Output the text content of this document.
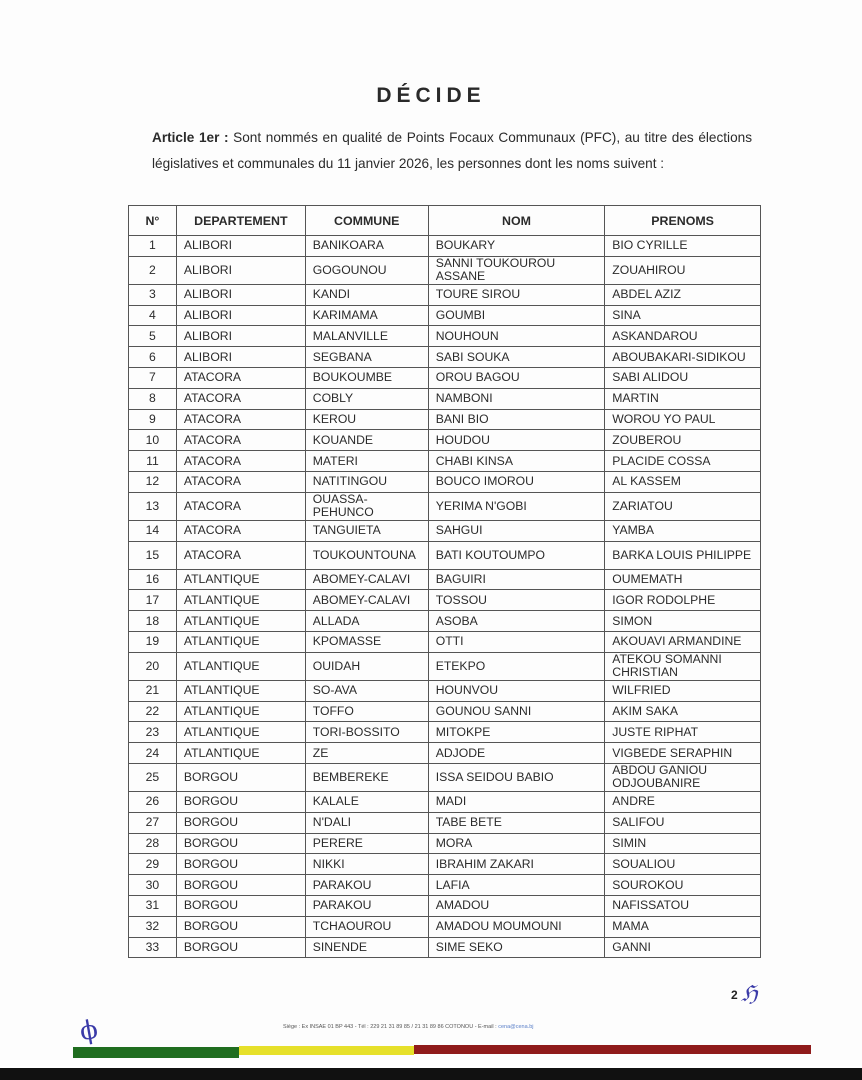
DÉCIDE
Article 1er : Sont nommés en qualité de Points Focaux Communaux (PFC), au titre des élections législatives et communales du 11 janvier 2026, les personnes dont les noms suivent :
N°	DEPARTEMENT	COMMUNE	NOM	PRENOMS
1	ALIBORI	BANIKOARA	BOUKARY	BIO CYRILLE
2	ALIBORI	GOGOUNOU	SANNI TOUKOUROU ASSANE	ZOUAHIROU
3	ALIBORI	KANDI	TOURE SIROU	ABDEL AZIZ
4	ALIBORI	KARIMAMA	GOUMBI	SINA
5	ALIBORI	MALANVILLE	NOUHOUN	ASKANDAROU
6	ALIBORI	SEGBANA	SABI SOUKA	ABOUBAKARI-SIDIKOU
7	ATACORA	BOUKOUMBE	OROU BAGOU	SABI ALIDOU
8	ATACORA	COBLY	NAMBONI	MARTIN
9	ATACORA	KEROU	BANI BIO	WOROU YO PAUL
10	ATACORA	KOUANDE	HOUDOU	ZOUBEROU
11	ATACORA	MATERI	CHABI KINSA	PLACIDE COSSA
12	ATACORA	NATITINGOU	BOUCO IMOROU	AL KASSEM
13	ATACORA	OUASSA-PEHUNCO	YERIMA N'GOBI	ZARIATOU
14	ATACORA	TANGUIETA	SAHGUI	YAMBA
15	ATACORA	TOUKOUNTOUNA	BATI KOUTOUMPO	BARKA LOUIS PHILIPPE
16	ATLANTIQUE	ABOMEY-CALAVI	BAGUIRI	OUMEMATH
17	ATLANTIQUE	ABOMEY-CALAVI	TOSSOU	IGOR RODOLPHE
18	ATLANTIQUE	ALLADA	ASOBA	SIMON
19	ATLANTIQUE	KPOMASSE	OTTI	AKOUAVI ARMANDINE
20	ATLANTIQUE	OUIDAH	ETEKPO	ATEKOU SOMANNI CHRISTIAN
21	ATLANTIQUE	SO-AVA	HOUNVOU	WILFRIED
22	ATLANTIQUE	TOFFO	GOUNOU SANNI	AKIM SAKA
23	ATLANTIQUE	TORI-BOSSITO	MITOKPE	JUSTE RIPHAT
24	ATLANTIQUE	ZE	ADJODE	VIGBEDE SERAPHIN
25	BORGOU	BEMBEREKE	ISSA SEIDOU BABIO	ABDOU GANIOU ODJOUBANIRE
26	BORGOU	KALALE	MADI	ANDRE
27	BORGOU	N'DALI	TABE BETE	SALIFOU
28	BORGOU	PERERE	MORA	SIMIN
29	BORGOU	NIKKI	IBRAHIM ZAKARI	SOUALIOU
30	BORGOU	PARAKOU	LAFIA	SOUROKOU
31	BORGOU	PARAKOU	AMADOU	NAFISSATOU
32	BORGOU	TCHAOUROU	AMADOU MOUMOUNI	MAMA
33	BORGOU	SINENDE	SIME SEKO	GANNI
2 ℌ
ϕ	Siège : Ex INSAE 01 BP 443 - Tél : 229 21 31 89 85 / 21 31 89 86 COTONOU - E-mail : cena@cena.bj
